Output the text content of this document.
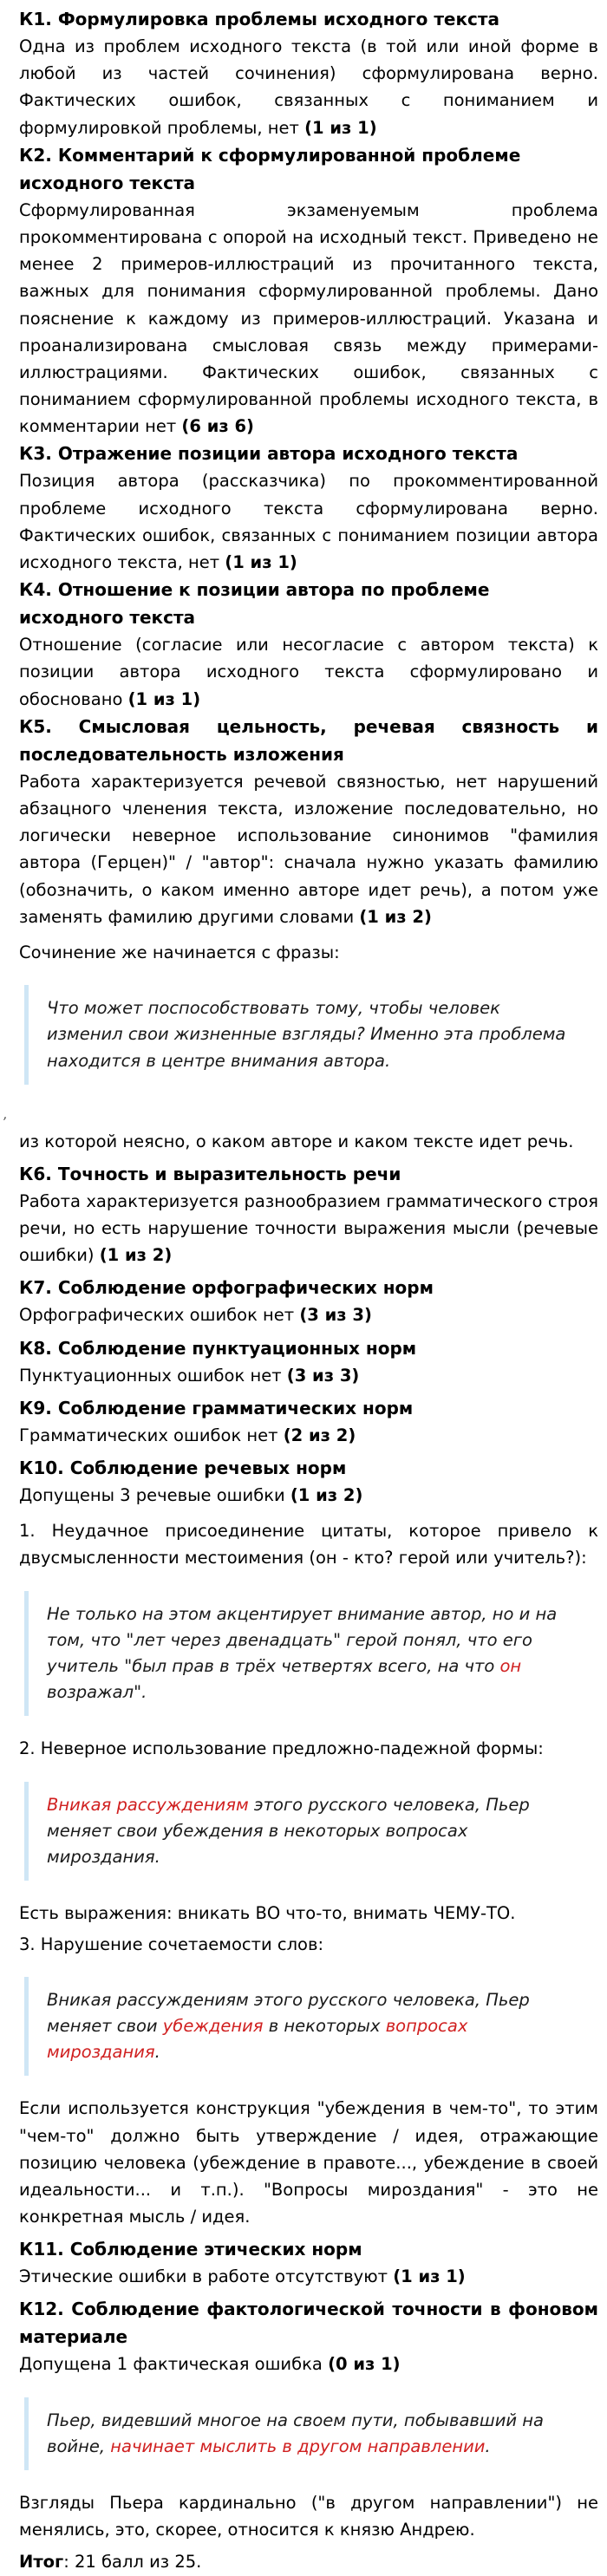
К1. Формулировка проблемы исходного текста

Одна из проблем исходного текста (в той или иной форме в любой из частей сочинения) сформулирована верно. Фактических ошибок, связанных с пониманием и формулировкой проблемы, нет (1 из 1)

К2. Комментарий к сформулированной проблеме исходного текста

Сформулированная экзаменуемым проблема прокомментирована с опорой на исходный текст. Приведено не менее 2 примеров-иллюстраций из прочитанного текста, важных для понимания сформулированной проблемы. Дано пояснение к каждому из примеров-иллюстраций. Указана и проанализирована смысловая связь между примерами-иллюстрациями. Фактических ошибок, связанных с пониманием сформулированной проблемы исходного текста, в комментарии нет (6 из 6)

К3. Отражение позиции автора исходного текста

Позиция автора (рассказчика) по прокомментированной проблеме исходного текста сформулирована верно. Фактических ошибок, связанных с пониманием позиции автора исходного текста, нет (1 из 1)

К4. Отношение к позиции автора по проблеме исходного текста

Отношение (согласие или несогласие с автором текста) к позиции автора исходного текста сформулировано и обосновано (1 из 1)

К5. Смысловая цельность, речевая связность и последовательность изложения

Работа характеризуется речевой связностью, нет нарушений абзацного членения текста, изложение последовательно, но логически неверное использование синонимов "фамилия автора (Герцен)" / "автор": сначала нужно указать фамилию (обозначить, о каком именно авторе идет речь), а потом уже заменять фамилию другими словами (1 из 2)

Сочинение же начинается с фразы:

Что может поспособствовать тому, чтобы человек изменил свои жизненные взгляды? Именно эта проблема находится в центре внимания автора.
,

из которой неясно, о каком авторе и каком тексте идет речь.

К6. Точность и выразительность речи

Работа характеризуется разнообразием грамматического строя речи, но есть нарушение точности выражения мысли (речевые ошибки) (1 из 2)

К7. Соблюдение орфографических норм

Орфографических ошибок нет (3 из 3)

К8. Соблюдение пунктуационных норм

Пунктуационных ошибок нет (3 из 3)

К9. Соблюдение грамматических норм

Грамматических ошибок нет (2 из 2)

К10. Соблюдение речевых норм

Допущены 3 речевые ошибки (1 из 2)

1. Неудачное присоединение цитаты, которое привело к двусмысленности местоимения (он - кто? герой или учитель?):

Не только на этом акцентирует внимание автор, но и на том, что "лет через двенадцать" герой понял, что его учитель "был прав в трёх четвертях всего, на что он возражал".

2. Неверное использование предложно-падежной формы:

Вникая рассуждениям этого русского человека, Пьер меняет свои убеждения в некоторых вопросах мироздания.

Есть выражения: вникать ВО что-то, внимать ЧЕМУ-ТО.

3. Нарушение сочетаемости слов:

Вникая рассуждениям этого русского человека, Пьер меняет свои убеждения в некоторых вопросах мироздания.

Если используется конструкция "убеждения в чем-то", то этим "чем-то" должно быть утверждение / идея, отражающие позицию человека (убеждение в правоте..., убеждение в своей идеальности... и т.п.). "Вопросы мироздания" - это не конкретная мысль / идея.

К11. Соблюдение этических норм

Этические ошибки в работе отсутствуют (1 из 1)

К12. Соблюдение фактологической точности в фоновом материале

Допущена 1 фактическая ошибка (0 из 1)

Пьер, видевший многое на своем пути, побывавший на войне, начинает мыслить в другом направлении.

Взгляды Пьера кардинально ("в другом направлении") не менялись, это, скорее, относится к князю Андрею.

Итог: 21 балл из 25.
